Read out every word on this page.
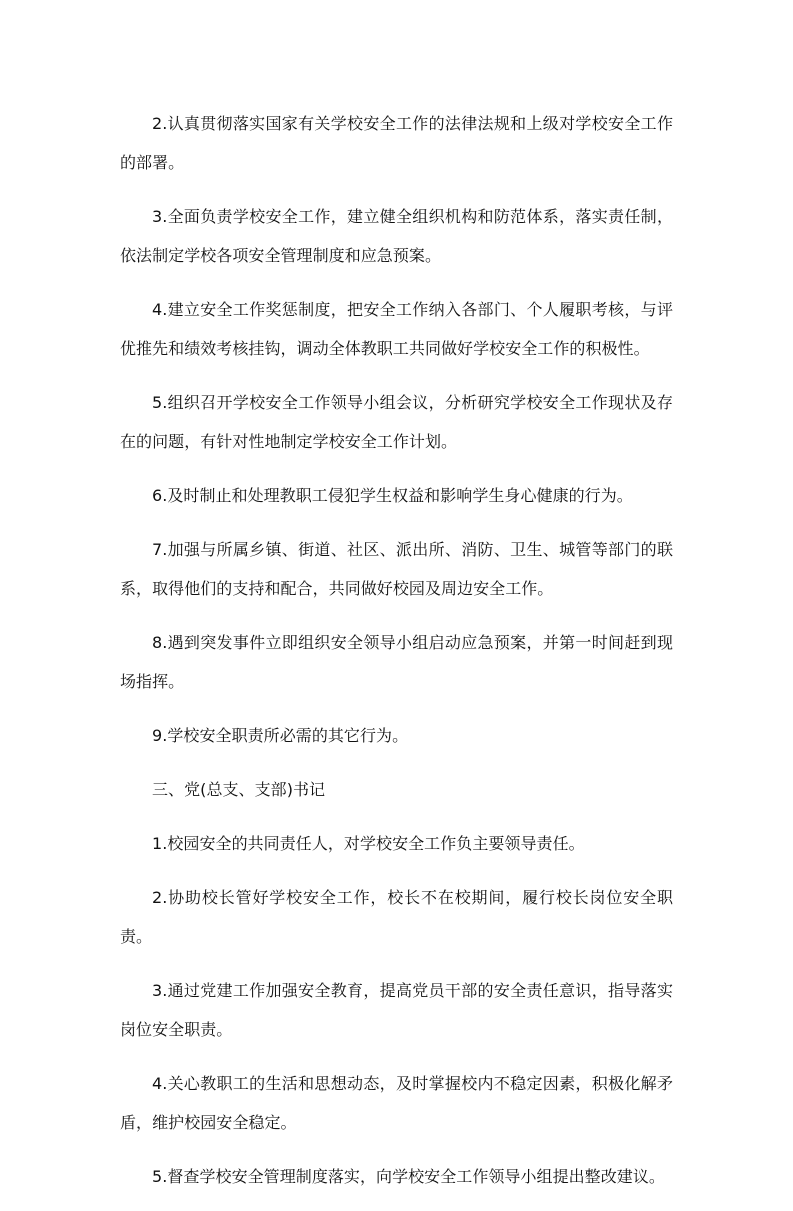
2.认真贯彻落实国家有关学校安全工作的法律法规和上级对学校安全工作的部署。

3.全面负责学校安全工作，建立健全组织机构和防范体系，落实责任制，依法制定学校各项安全管理制度和应急预案。

4.建立安全工作奖惩制度，把安全工作纳入各部门、个人履职考核，与评优推先和绩效考核挂钩，调动全体教职工共同做好学校安全工作的积极性。

5.组织召开学校安全工作领导小组会议，分析研究学校安全工作现状及存在的问题，有针对性地制定学校安全工作计划。

6.及时制止和处理教职工侵犯学生权益和影响学生身心健康的行为。

7.加强与所属乡镇、街道、社区、派出所、消防、卫生、城管等部门的联系，取得他们的支持和配合，共同做好校园及周边安全工作。

8.遇到突发事件立即组织安全领导小组启动应急预案，并第一时间赶到现场指挥。

9.学校安全职责所必需的其它行为。

三、党(总支、支部)书记

1.校园安全的共同责任人，对学校安全工作负主要领导责任。

2.协助校长管好学校安全工作，校长不在校期间，履行校长岗位安全职责。

3.通过党建工作加强安全教育，提高党员干部的安全责任意识，指导落实岗位安全职责。

4.关心教职工的生活和思想动态，及时掌握校内不稳定因素，积极化解矛盾，维护校园安全稳定。

5.督查学校安全管理制度落实，向学校安全工作领导小组提出整改建议。
